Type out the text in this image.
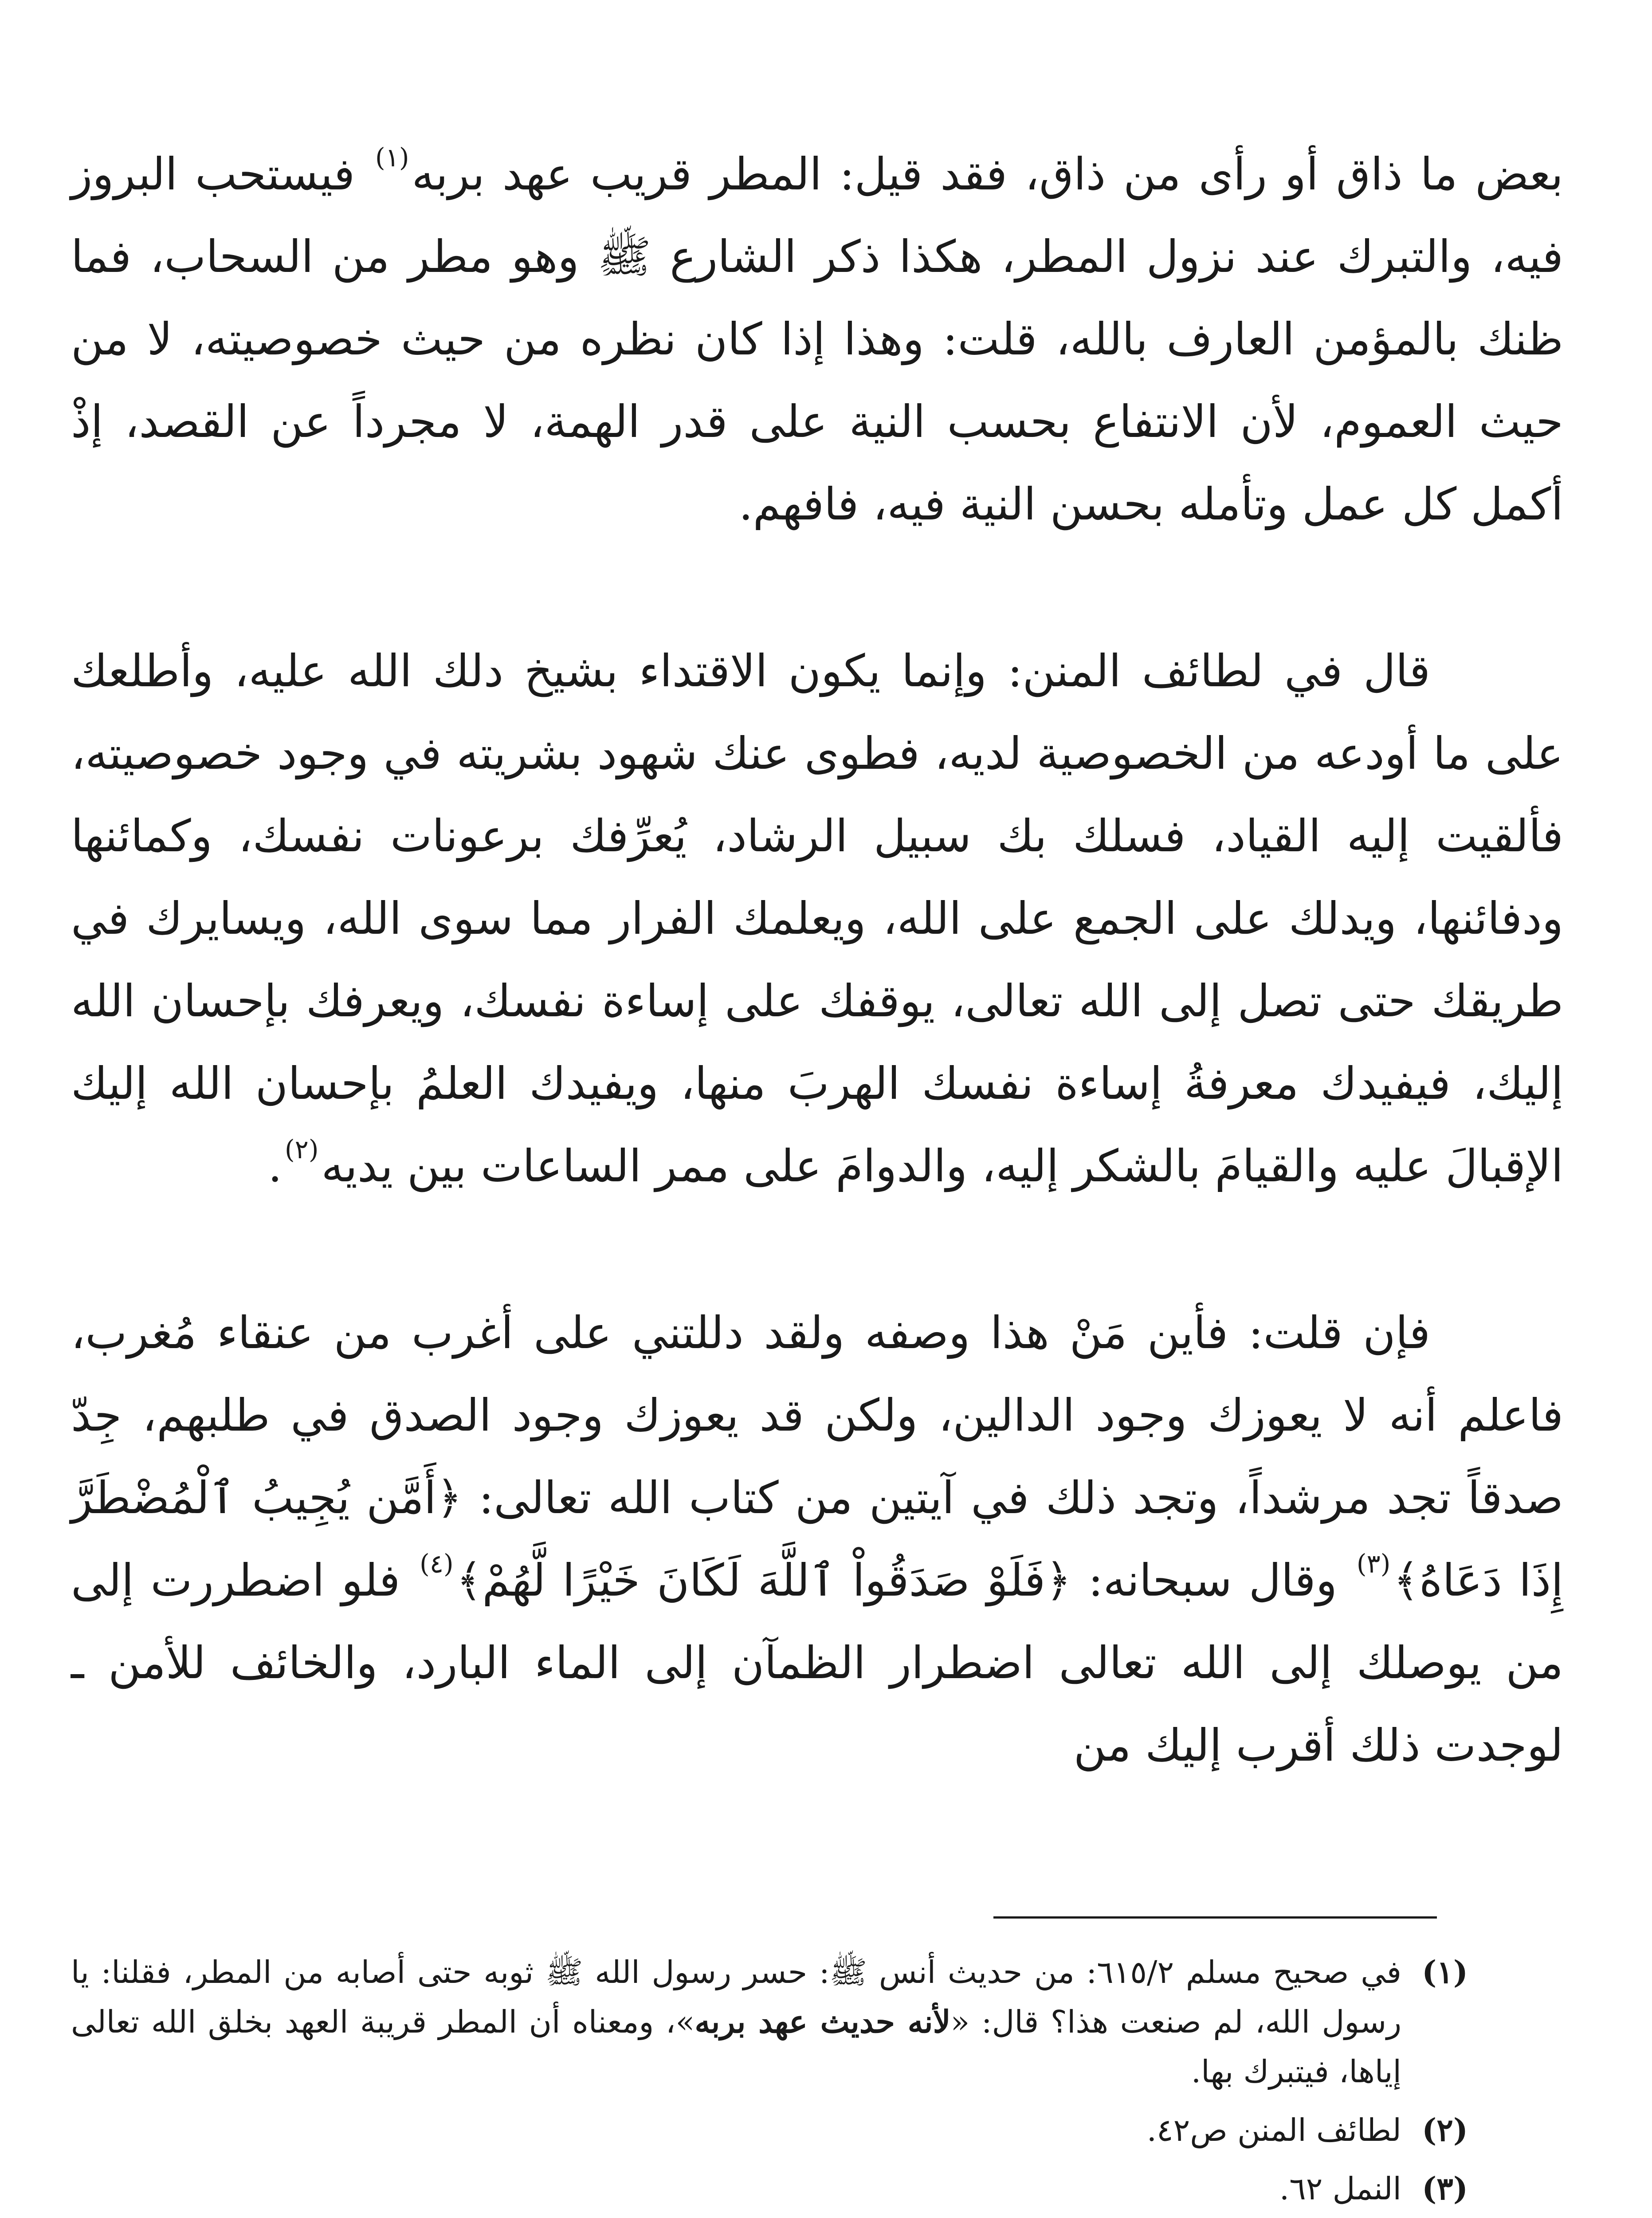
بعض ما ذاق أو رأى من ذاق، فقد قيل: المطر قريب عهد بربه$^{(١)}$ فيستحب البروز فيه، والتبرك عند نزول المطر، هكذا ذكر الشارع ﷺ وهو مطر من السحاب، فما ظنك بالمؤمن العارف بالله، قلت: وهذا إذا كان نظره من حيث خصوصيته، لا من حيث العموم، لأن الانتفاع بحسب النية على قدر الهمة، لا مجرداً عن القصد، إذْ أكمل كل عمل وتأمله بحسن النية فيه، فافهم.

قال في لطائف المنن: وإنما يكون الاقتداء بشيخ دلك الله عليه، وأطلعك على ما أودعه من الخصوصية لديه، فطوى عنك شهود بشريته في وجود خصوصيته، فألقيت إليه القياد، فسلك بك سبيل الرشاد، يُعرِّفك برعونات نفسك، وكمائنها ودفائنها، ويدلك على الجمع على الله، ويعلمك الفرار مما سوى الله، ويسايرك في طريقك حتى تصل إلى الله تعالى، يوقفك على إساءة نفسك، ويعرفك بإحسان الله إليك، فيفيدك معرفةُ إساءة نفسك الهربَ منها، ويفيدك العلمُ بإحسان الله إليك الإقبالَ عليه والقيامَ بالشكر إليه، والدوامَ على ممر الساعات بين يديه$^{(٢)}$.

فإن قلت: فأين مَنْ هذا وصفه ولقد دللتني على أغرب من عنقاء مُغرب، فاعلم أنه لا يعوزك وجود الدالين، ولكن قد يعوزك وجود الصدق في طلبهم، جِدّ صدقاً تجد مرشداً، وتجد ذلك في آيتين من كتاب الله تعالى: ﴿أَمَّن يُجِيبُ ٱلْمُضْطَرَّ إِذَا دَعَاهُ﴾$^{(٣)}$ وقال سبحانه: ﴿فَلَوْ صَدَقُواْ ٱللَّهَ لَكَانَ خَيْرًا لَّهُمْ﴾$^{(٤)}$ فلو اضطررت إلى من يوصلك إلى الله تعالى اضطرار الظمآن إلى الماء البارد، والخائف للأمن ـ لوجدت ذلك أقرب إليك من

(١)
في صحيح مسلم ٦١٥/٢: من حديث أنس ﷺ: حسر رسول الله ﷺ ثوبه حتى أصابه من المطر، فقلنا: يا رسول الله، لم صنعت هذا؟ قال: «لأنه حديث عهد بربه»، ومعناه أن المطر قريبة العهد بخلق الله تعالى إياها، فيتبرك بها.
(٢)
لطائف المنن ص٤٢.
(٣)
النمل ٦٢.
